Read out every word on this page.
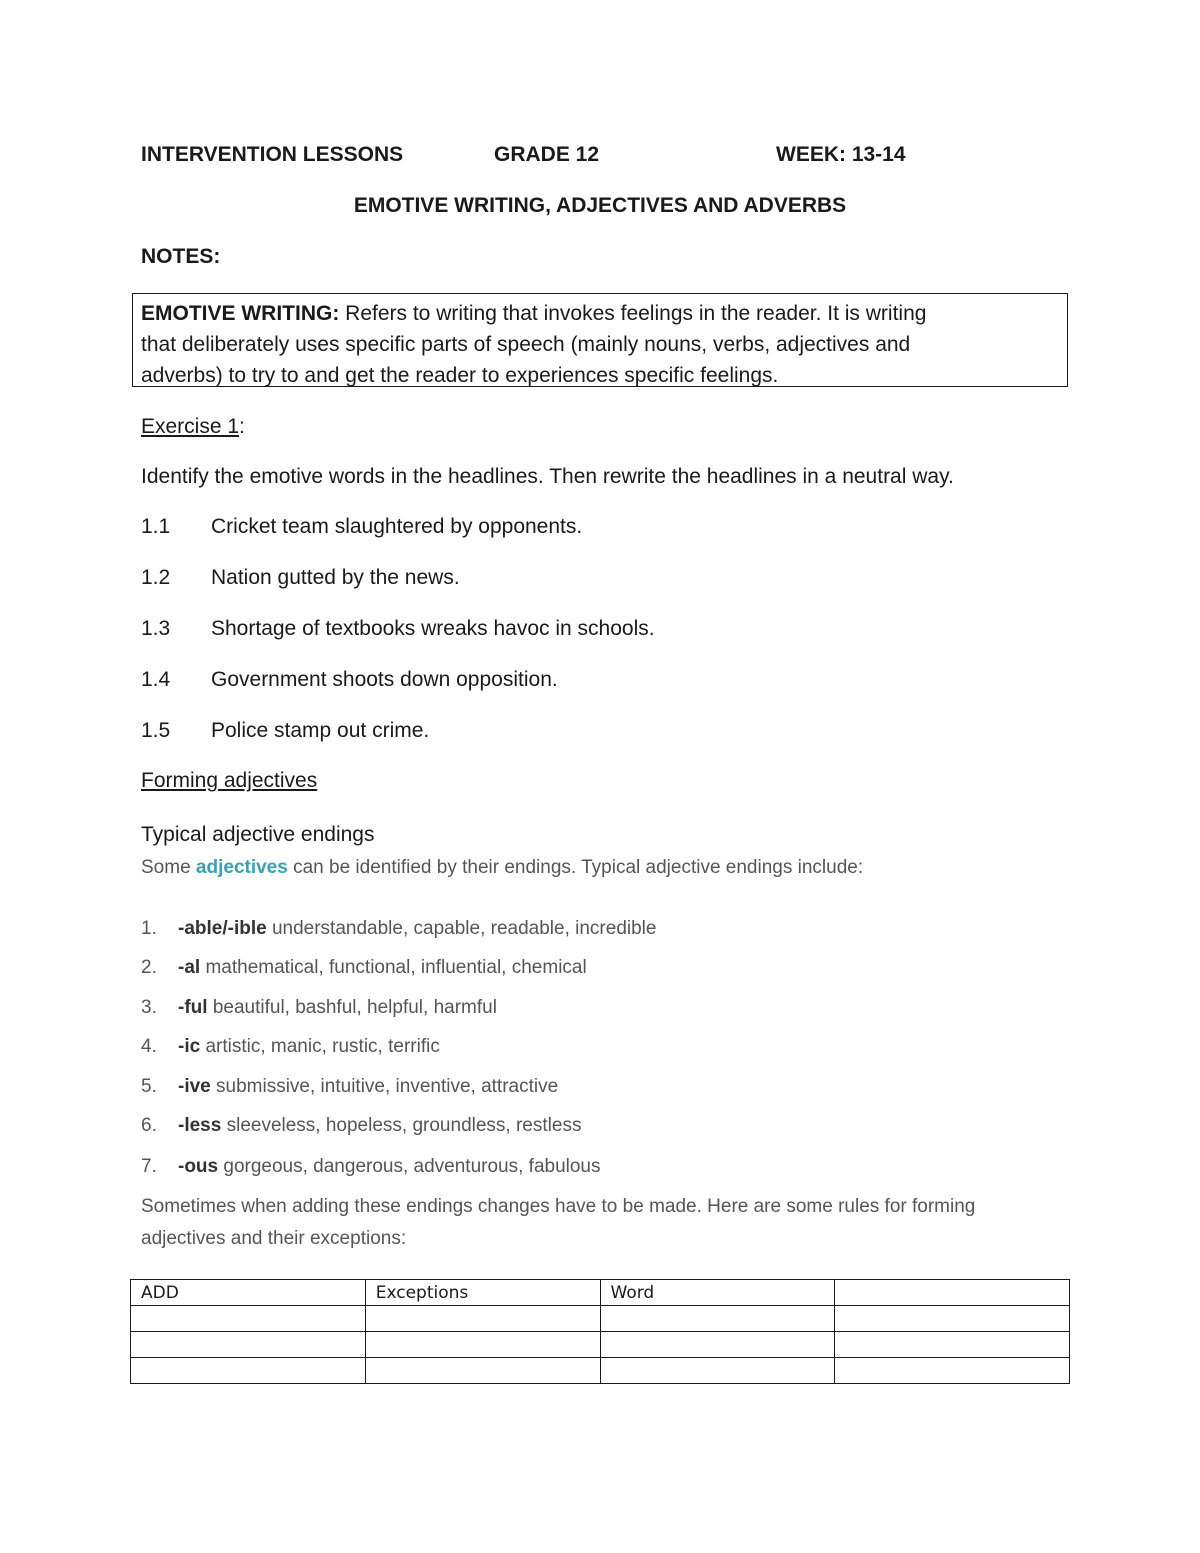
INTERVENTION LESSONS	GRADE 12	WEEK: 13-14
EMOTIVE WRITING, ADJECTIVES AND ADVERBS
NOTES:
EMOTIVE WRITING: Refers to writing that invokes feelings in the reader. It is writing
that deliberately uses specific parts of speech (mainly nouns, verbs, adjectives and
adverbs) to try to and get the reader to experiences specific feelings.
Exercise 1:
Identify the emotive words in the headlines. Then rewrite the headlines in a neutral way.
1.1 Cricket team slaughtered by opponents.
1.2 Nation gutted by the news.
1.3 Shortage of textbooks wreaks havoc in schools.
1.4 Government shoots down opposition.
1.5 Police stamp out crime.
Forming adjectives
Typical adjective endings
Some adjectives can be identified by their endings. Typical adjective endings include:
1. -able/-ible understandable, capable, readable, incredible
2. -al mathematical, functional, influential, chemical
3. -ful beautiful, bashful, helpful, harmful
4. -ic artistic, manic, rustic, terrific
5. -ive submissive, intuitive, inventive, attractive
6. -less sleeveless, hopeless, groundless, restless
7. -ous gorgeous, dangerous, adventurous, fabulous
Sometimes when adding these endings changes have to be made. Here are some rules for forming
adjectives and their exceptions:
ADD	Exceptions	Word	
